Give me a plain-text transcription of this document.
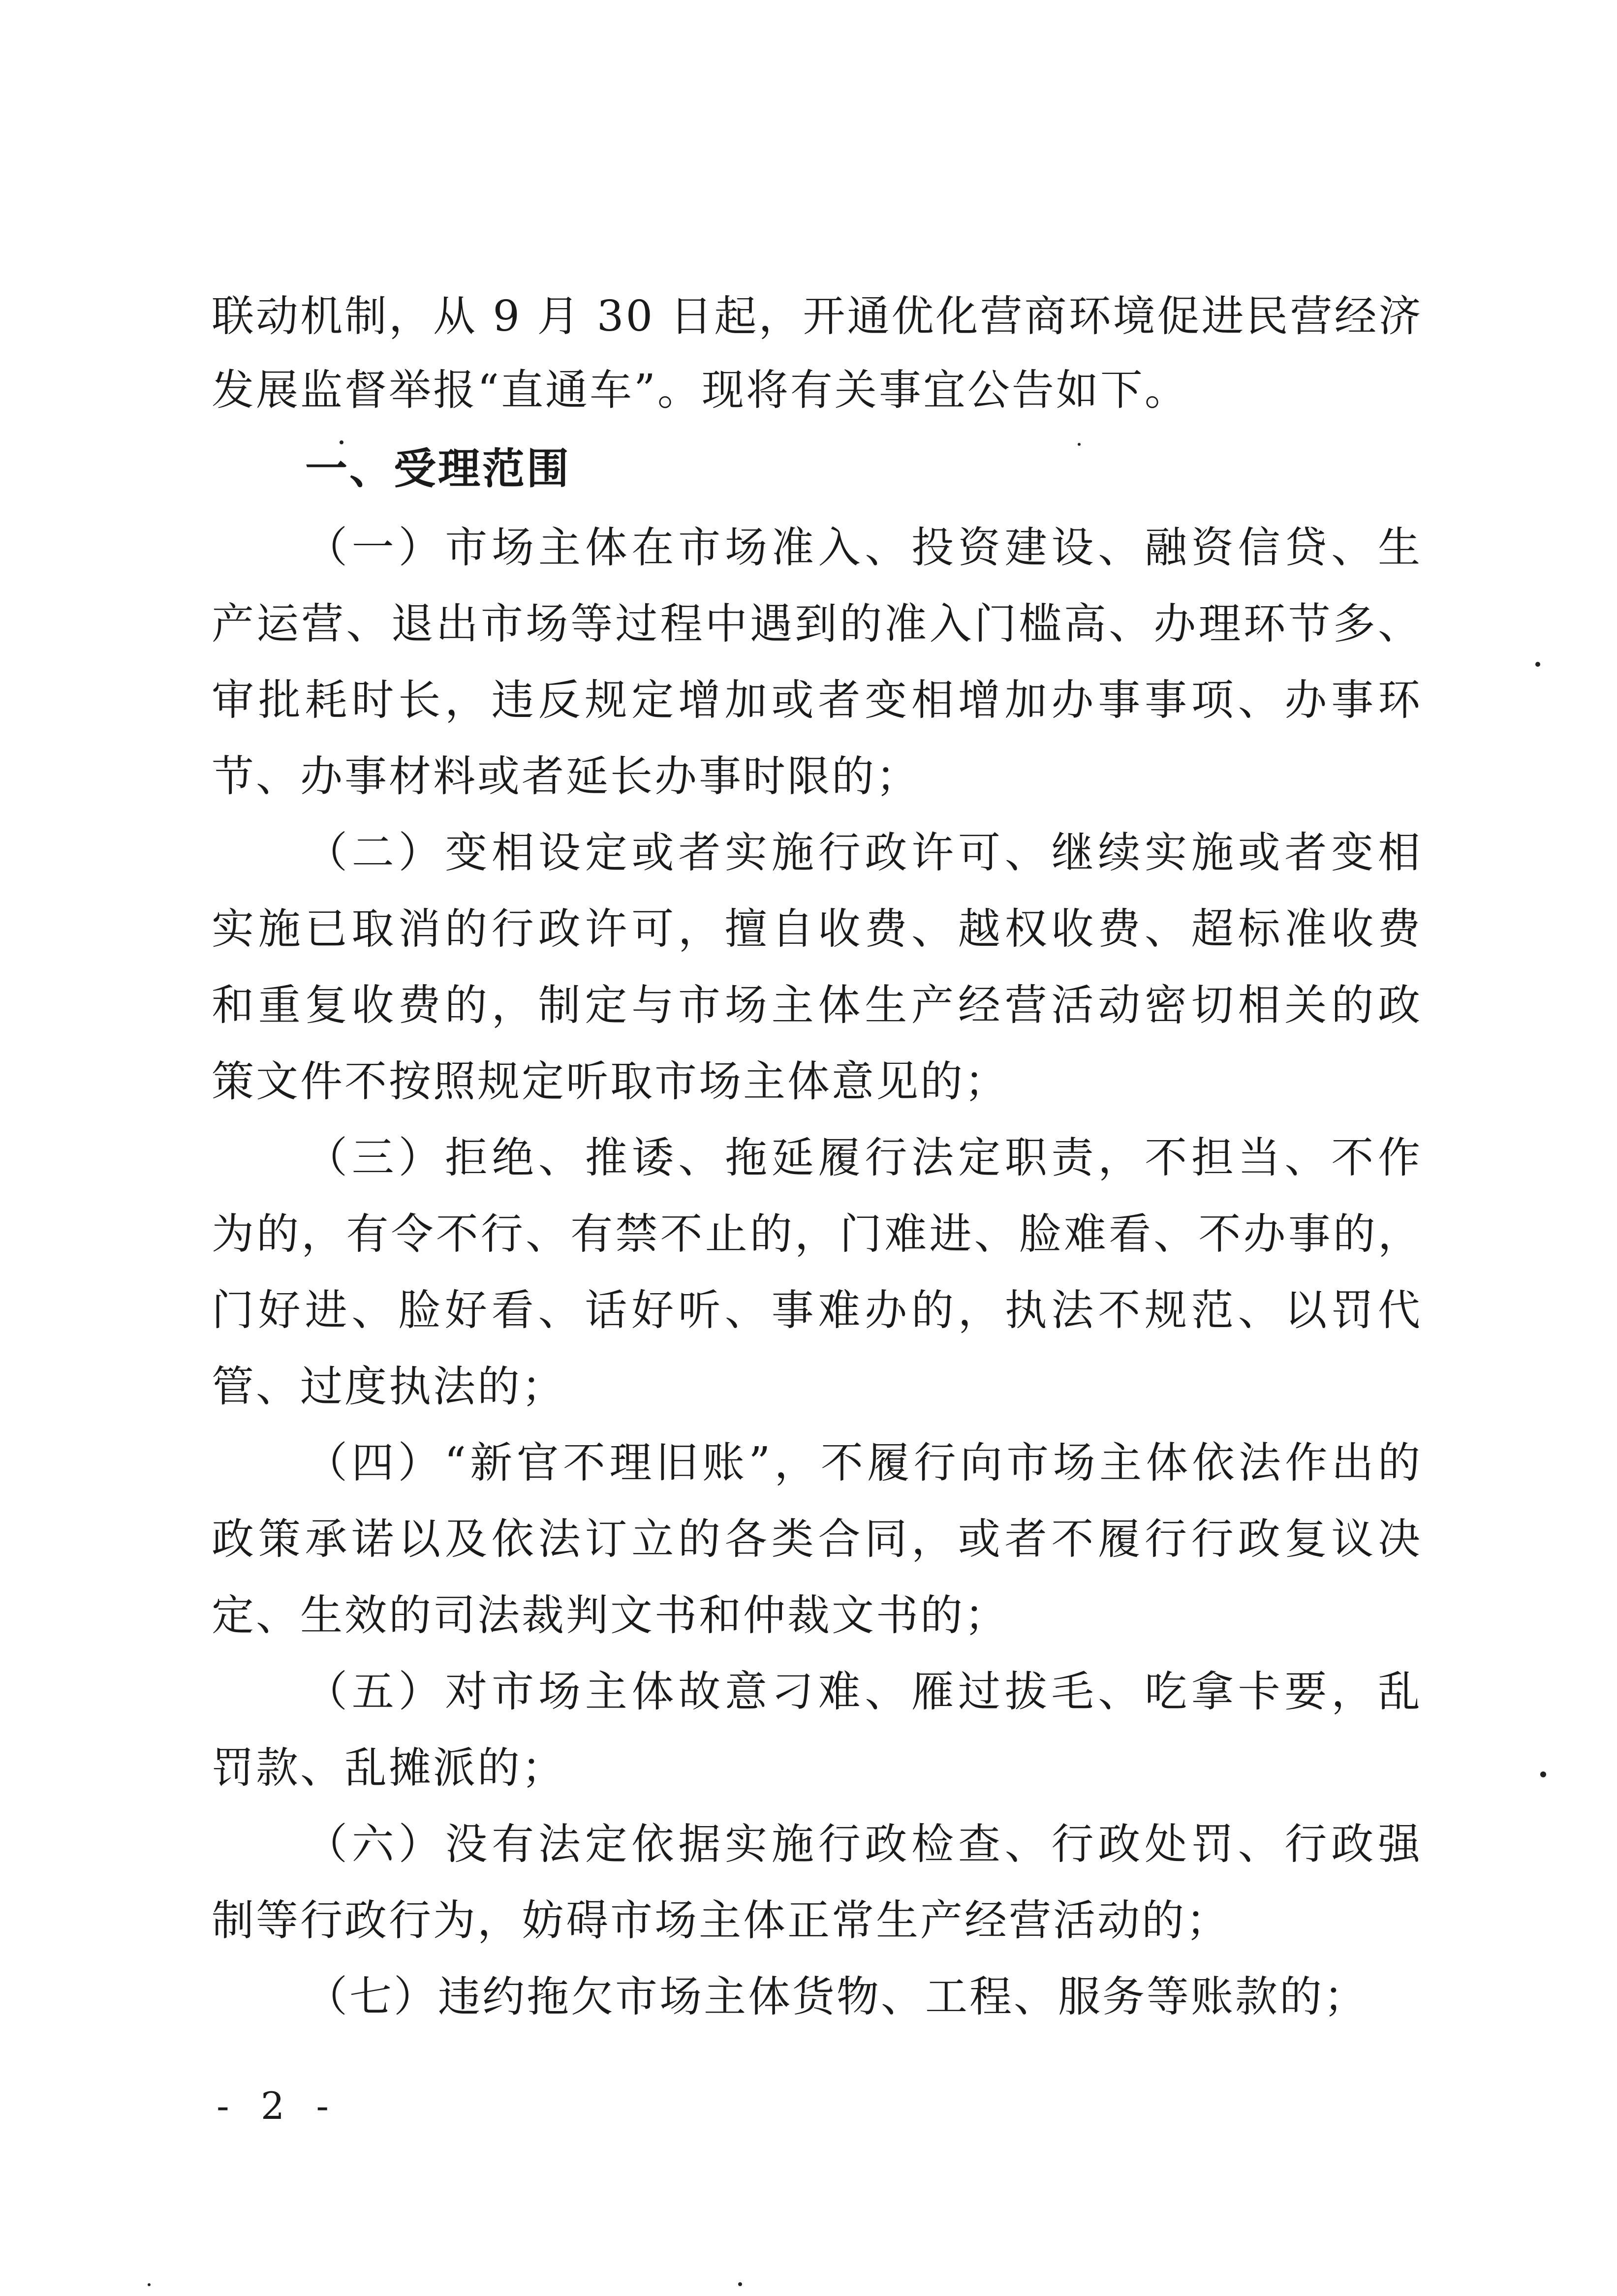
联动机制，从 9 月 30 日起，开通优化营商环境促进民营经济
发展监督举报“直通车”。现将有关事宜公告如下。
一、受理范围
（一）市场主体在市场准入、投资建设、融资信贷、生
产运营、退出市场等过程中遇到的准入门槛高、办理环节多、
审批耗时长，违反规定增加或者变相增加办事事项、办事环
节、办事材料或者延长办事时限的；
（二）变相设定或者实施行政许可、继续实施或者变相
实施已取消的行政许可，擅自收费、越权收费、超标准收费
和重复收费的，制定与市场主体生产经营活动密切相关的政
策文件不按照规定听取市场主体意见的；
（三）拒绝、推诿、拖延履行法定职责，不担当、不作
为的，有令不行、有禁不止的，门难进、脸难看、不办事的，
门好进、脸好看、话好听、事难办的，执法不规范、以罚代
管、过度执法的；
（四）“新官不理旧账”，不履行向市场主体依法作出的
政策承诺以及依法订立的各类合同，或者不履行行政复议决
定、生效的司法裁判文书和仲裁文书的；
（五）对市场主体故意刁难、雁过拔毛、吃拿卡要，乱
罚款、乱摊派的；
（六）没有法定依据实施行政检查、行政处罚、行政强
制等行政行为，妨碍市场主体正常生产经营活动的；
（七）违约拖欠市场主体货物、工程、服务等账款的；
- 2 -
